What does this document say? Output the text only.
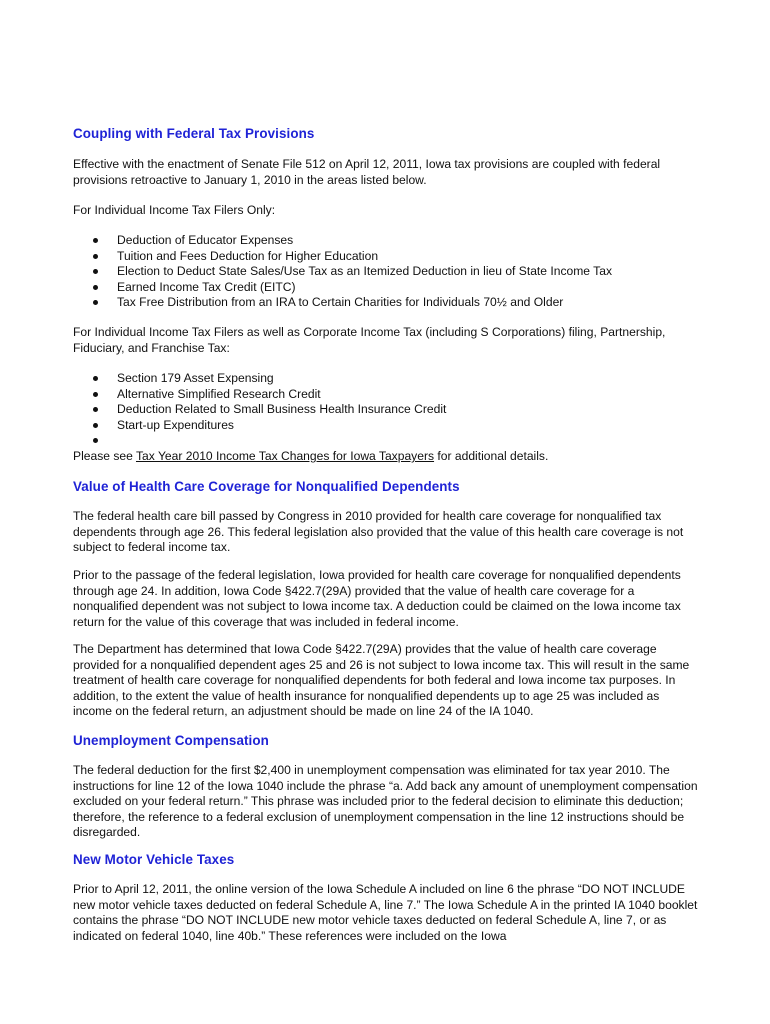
Coupling with Federal Tax Provisions

Effective with the enactment of Senate File 512 on April 12, 2011, Iowa tax provisions are coupled with federal provisions retroactive to January 1, 2010 in the areas listed below.

For Individual Income Tax Filers Only:

Deduction of Educator Expenses
Tuition and Fees Deduction for Higher Education
Election to Deduct State Sales/Use Tax as an Itemized Deduction in lieu of State Income Tax
Earned Income Tax Credit (EITC)
Tax Free Distribution from an IRA to Certain Charities for Individuals 70½ and Older

For Individual Income Tax Filers as well as Corporate Income Tax (including S Corporations) filing, Partnership, Fiduciary, and Franchise Tax:

Section 179 Asset Expensing
Alternative Simplified Research Credit
Deduction Related to Small Business Health Insurance Credit
Start-up Expenditures

Please see Tax Year 2010 Income Tax Changes for Iowa Taxpayers for additional details.

Value of Health Care Coverage for Nonqualified Dependents

The federal health care bill passed by Congress in 2010 provided for health care coverage for nonqualified tax dependents through age 26. This federal legislation also provided that the value of this health care coverage is not subject to federal income tax.

Prior to the passage of the federal legislation, Iowa provided for health care coverage for nonqualified dependents through age 24. In addition, Iowa Code §422.7(29A) provided that the value of health care coverage for a nonqualified dependent was not subject to Iowa income tax. A deduction could be claimed on the Iowa income tax return for the value of this coverage that was included in federal income.

The Department has determined that Iowa Code §422.7(29A) provides that the value of health care coverage provided for a nonqualified dependent ages 25 and 26 is not subject to Iowa income tax. This will result in the same treatment of health care coverage for nonqualified dependents for both federal and Iowa income tax purposes. In addition, to the extent the value of health insurance for nonqualified dependents up to age 25 was included as income on the federal return, an adjustment should be made on line 24 of the IA 1040.

Unemployment Compensation

The federal deduction for the first $2,400 in unemployment compensation was eliminated for tax year 2010. The instructions for line 12 of the Iowa 1040 include the phrase “a. Add back any amount of unemployment compensation excluded on your federal return.” This phrase was included prior to the federal decision to eliminate this deduction; therefore, the reference to a federal exclusion of unemployment compensation in the line 12 instructions should be disregarded.

New Motor Vehicle Taxes

Prior to April 12, 2011, the online version of the Iowa Schedule A included on line 6 the phrase “DO NOT INCLUDE new motor vehicle taxes deducted on federal Schedule A, line 7.” The Iowa Schedule A in the printed IA 1040 booklet contains the phrase “DO NOT INCLUDE new motor vehicle taxes deducted on federal Schedule A, line 7, or as indicated on federal 1040, line 40b.” These references were included on the Iowa
